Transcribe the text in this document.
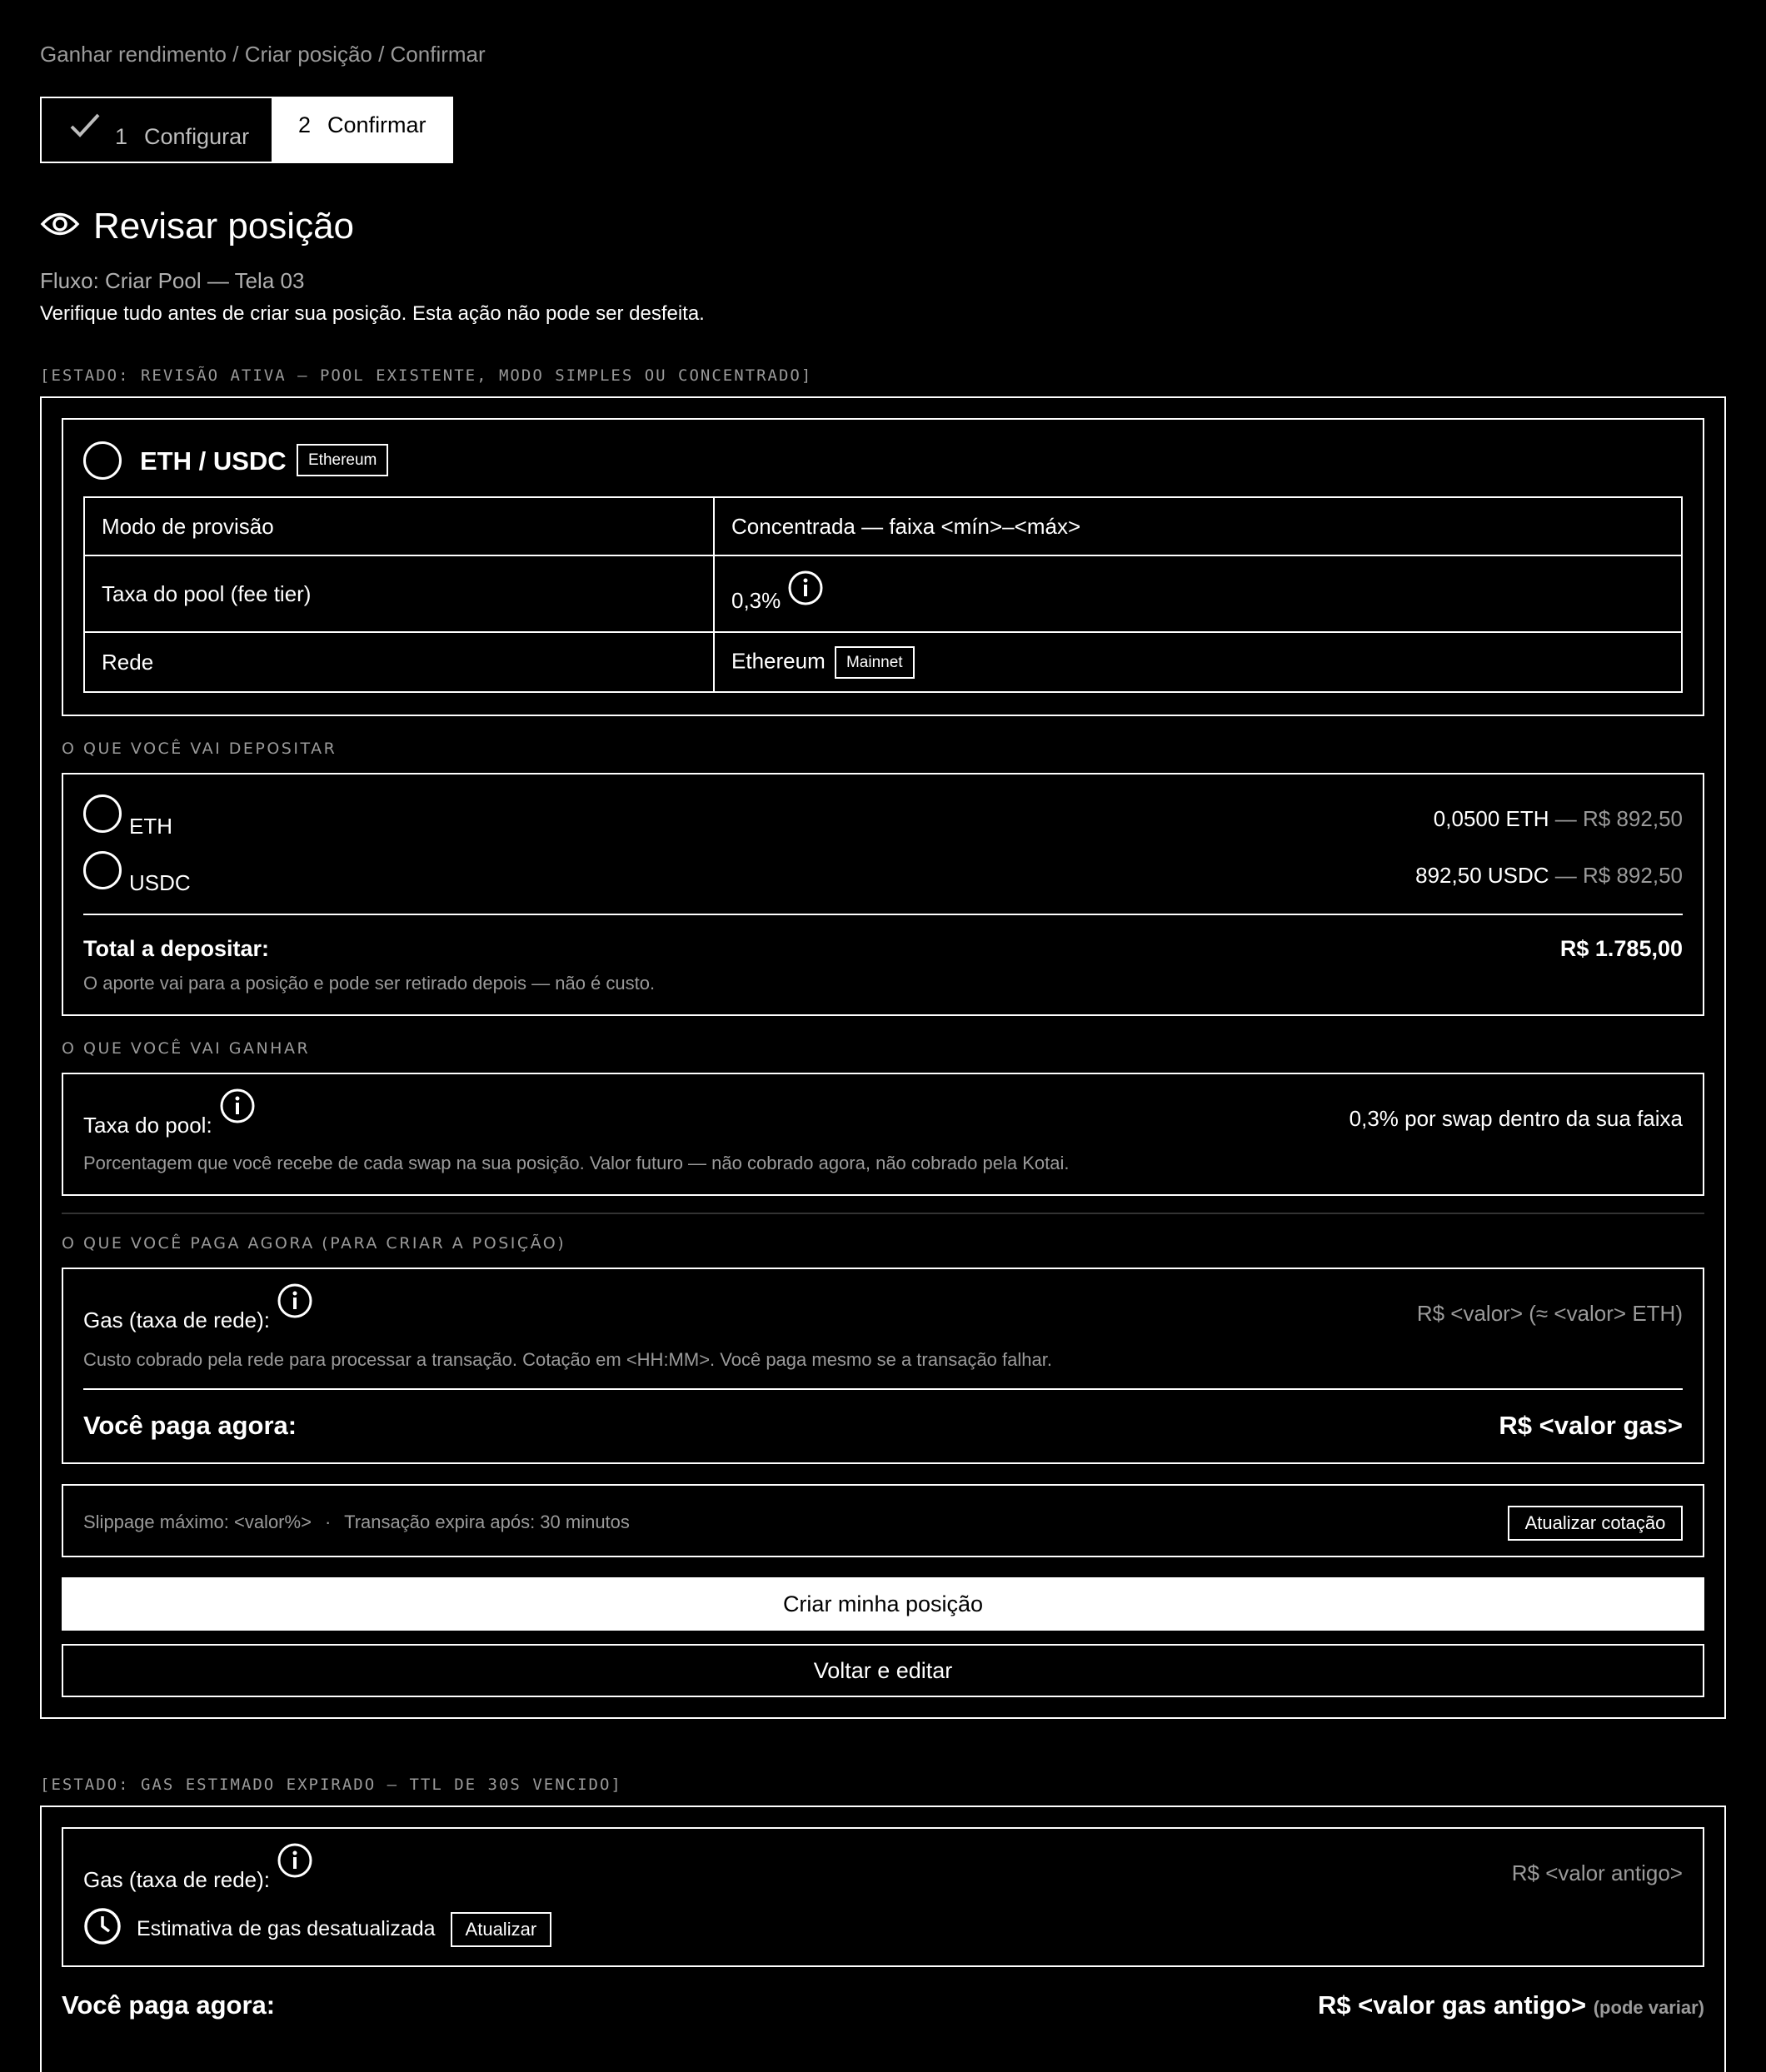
Ganhar rendimento / Criar posição / Confirmar
1 Configurar 2 Confirmar
Revisar posição
Fluxo: Criar Pool — Tela 03
Verifique tudo antes de criar sua posição. Esta ação não pode ser desfeita.
[ESTADO: REVISÃO ATIVA — POOL EXISTENTE, MODO SIMPLES OU CONCENTRADO]
ETH / USDC	Ethereum
Modo de provisão	Concentrada — faixa <mín>–<máx>
Taxa do pool (fee tier)	0,3%
Rede	Ethereum Mainnet
O QUE VOCÊ VAI DEPOSITAR
ETH	0,0500 ETH — R$ 892,50
USDC	892,50 USDC — R$ 892,50
Total a depositar:	R$ 1.785,00
O aporte vai para a posição e pode ser retirado depois — não é custo.
O QUE VOCÊ VAI GANHAR
Taxa do pool:	0,3% por swap dentro da sua faixa
Porcentagem que você recebe de cada swap na sua posição. Valor futuro — não cobrado agora, não cobrado pela Kotai.
O QUE VOCÊ PAGA AGORA (PARA CRIAR A POSIÇÃO)
Gas (taxa de rede):	R$ <valor> (≈ <valor> ETH)
Custo cobrado pela rede para processar a transação. Cotação em <HH:MM>. Você paga mesmo se a transação falhar.
Você paga agora:	R$ <valor gas>
Slippage máximo: <valor%> · Transação expira após: 30 minutos	Atualizar cotação
Criar minha posição
Voltar e editar
[ESTADO: GAS ESTIMADO EXPIRADO — TTL DE 30S VENCIDO]
Gas (taxa de rede):	R$ <valor antigo>
Estimativa de gas desatualizada	Atualizar
Você paga agora:	R$ <valor gas antigo> (pode variar)
